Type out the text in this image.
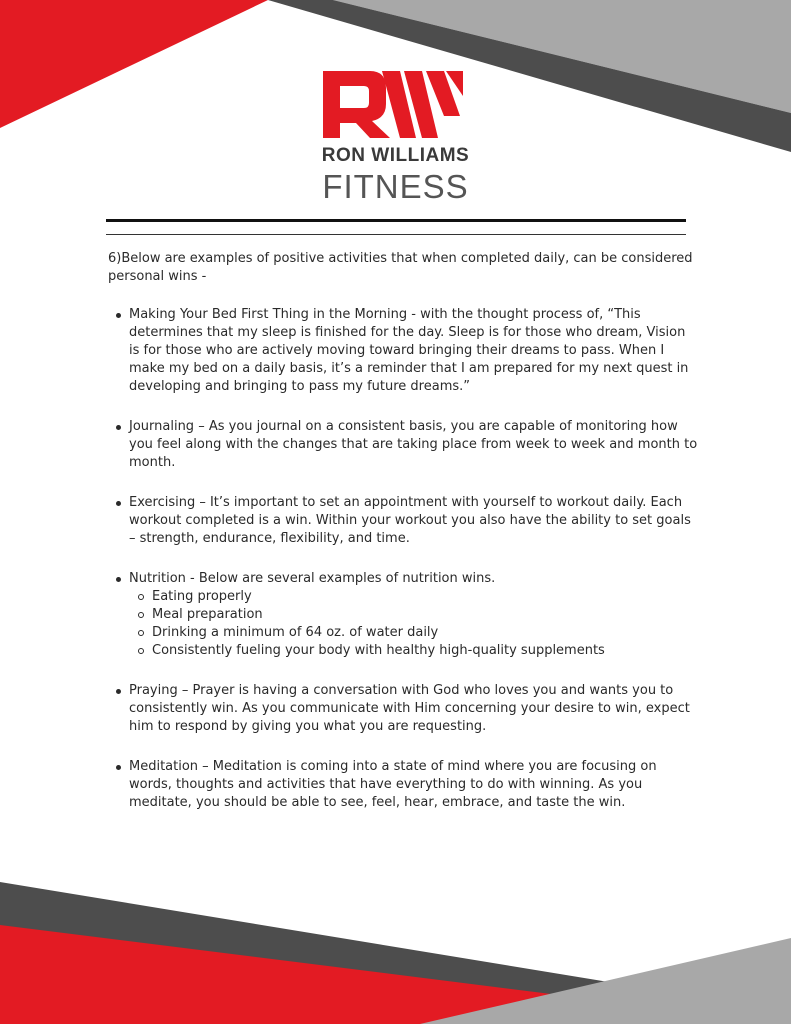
RON WILLIAMS
FITNESS

6)Below are examples of positive activities that when completed daily, can be considered personal wins -

Making Your Bed First Thing in the Morning - with the thought process of, “This determines that my sleep is finished for the day. Sleep is for those who dream, Vision is for those who are actively moving toward bringing their dreams to pass. When I make my bed on a daily basis, it’s a reminder that I am prepared for my next quest in developing and bringing to pass my future dreams.”
Journaling – As you journal on a consistent basis, you are capable of monitoring how you feel along with the changes that are taking place from week to week and month to month.
Exercising – It’s important to set an appointment with yourself to workout daily. Each workout completed is a win. Within your workout you also have the ability to set goals – strength, endurance, flexibility, and time.
Nutrition - Below are several examples of nutrition wins.
Eating properly
Meal preparation
Drinking a minimum of 64 oz. of water daily
Consistently fueling your body with healthy high-quality supplements
Praying – Prayer is having a conversation with God who loves you and wants you to consistently win. As you communicate with Him concerning your desire to win, expect him to respond by giving you what you are requesting.
Meditation – Meditation is coming into a state of mind where you are focusing on words, thoughts and activities that have everything to do with winning. As you meditate, you should be able to see, feel, hear, embrace, and taste the win.
